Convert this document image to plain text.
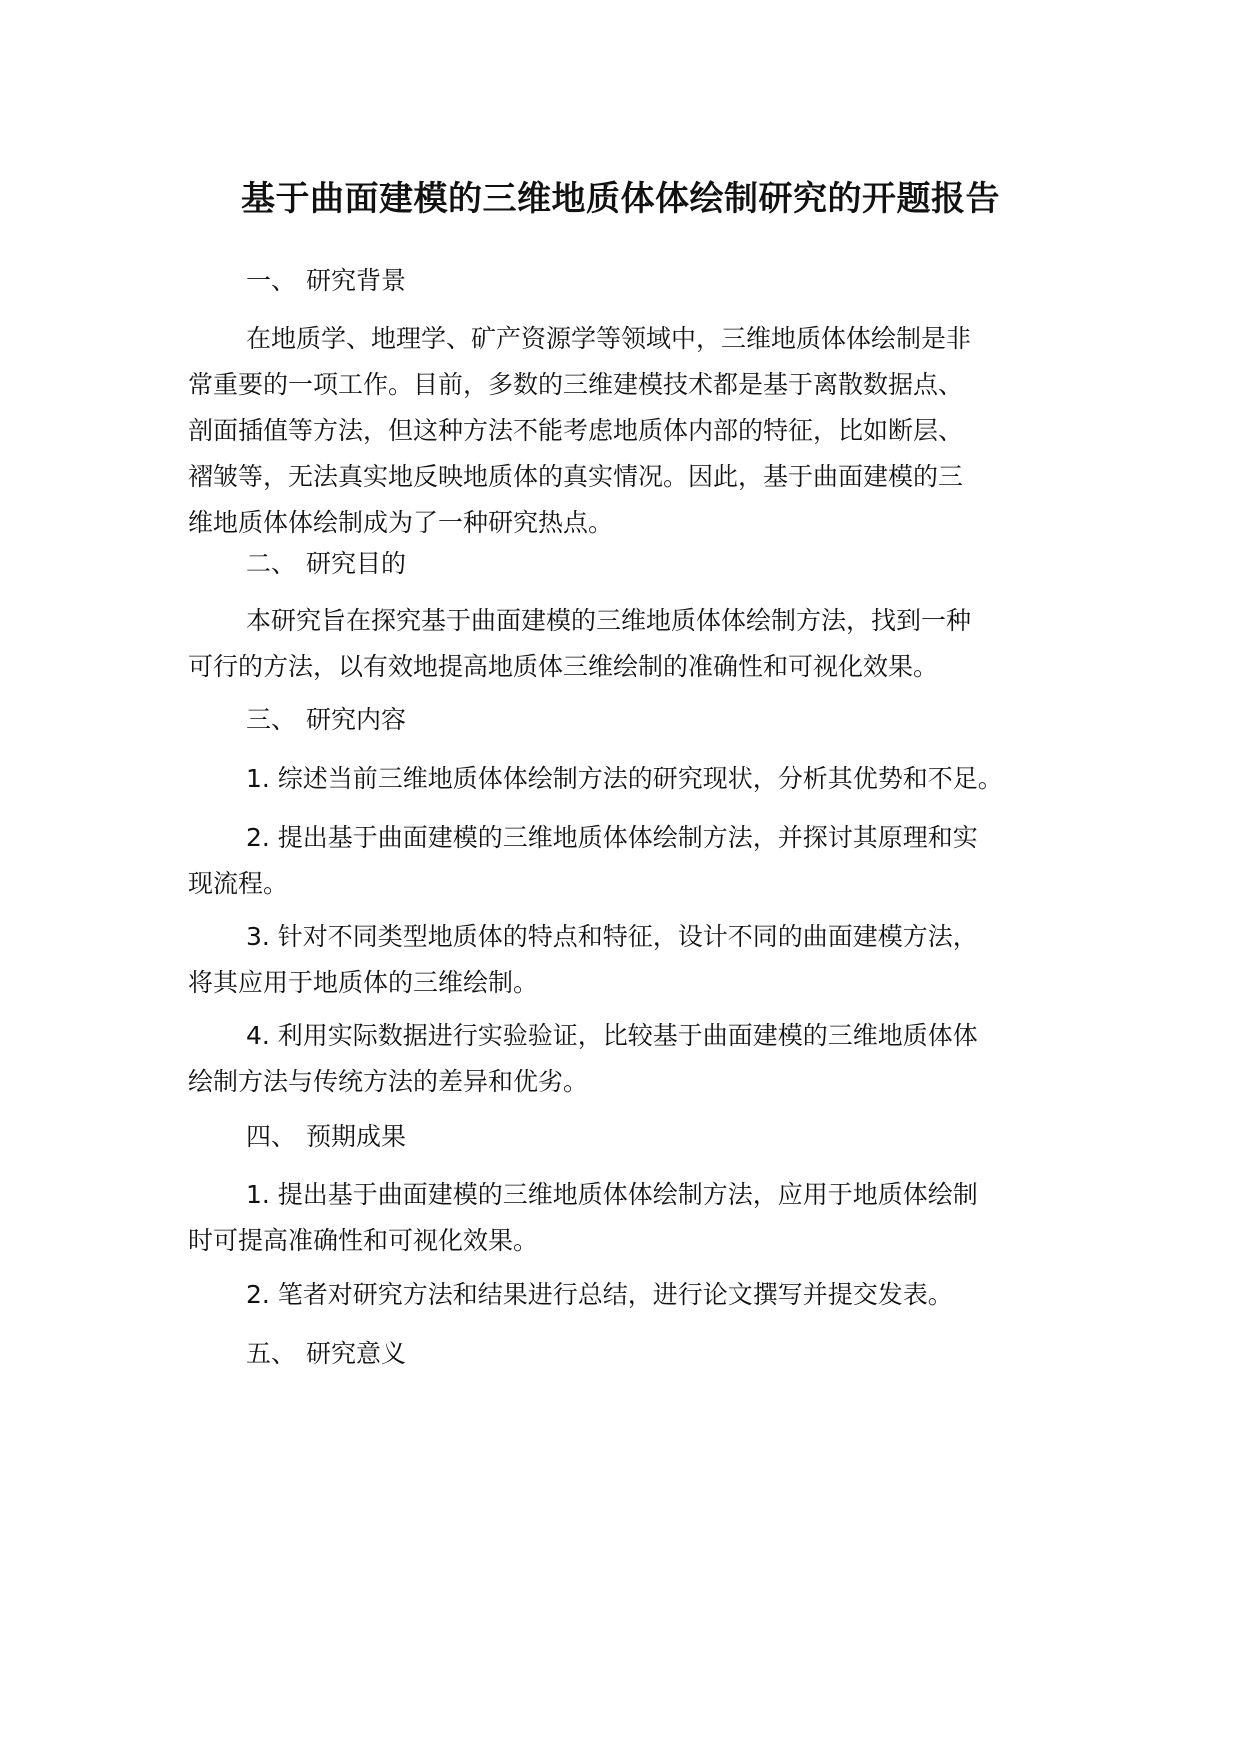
基于曲面建模的三维地质体体绘制研究的开题报告
一、 研究背景
在地质学、地理学、矿产资源学等领域中，三维地质体体绘制是非
常重要的一项工作。目前，多数的三维建模技术都是基于离散数据点、
剖面插值等方法，但这种方法不能考虑地质体内部的特征，比如断层、
褶皱等，无法真实地反映地质体的真实情况。因此，基于曲面建模的三
维地质体体绘制成为了一种研究热点。
二、 研究目的
本研究旨在探究基于曲面建模的三维地质体体绘制方法，找到一种
可行的方法，以有效地提高地质体三维绘制的准确性和可视化效果。
三、 研究内容
1. 综述当前三维地质体体绘制方法的研究现状，分析其优势和不足。
2. 提出基于曲面建模的三维地质体体绘制方法，并探讨其原理和实
现流程。
3. 针对不同类型地质体的特点和特征，设计不同的曲面建模方法，
将其应用于地质体的三维绘制。
4. 利用实际数据进行实验验证，比较基于曲面建模的三维地质体体
绘制方法与传统方法的差异和优劣。
四、 预期成果
1. 提出基于曲面建模的三维地质体体绘制方法，应用于地质体绘制
时可提高准确性和可视化效果。
2. 笔者对研究方法和结果进行总结，进行论文撰写并提交发表。
五、 研究意义
